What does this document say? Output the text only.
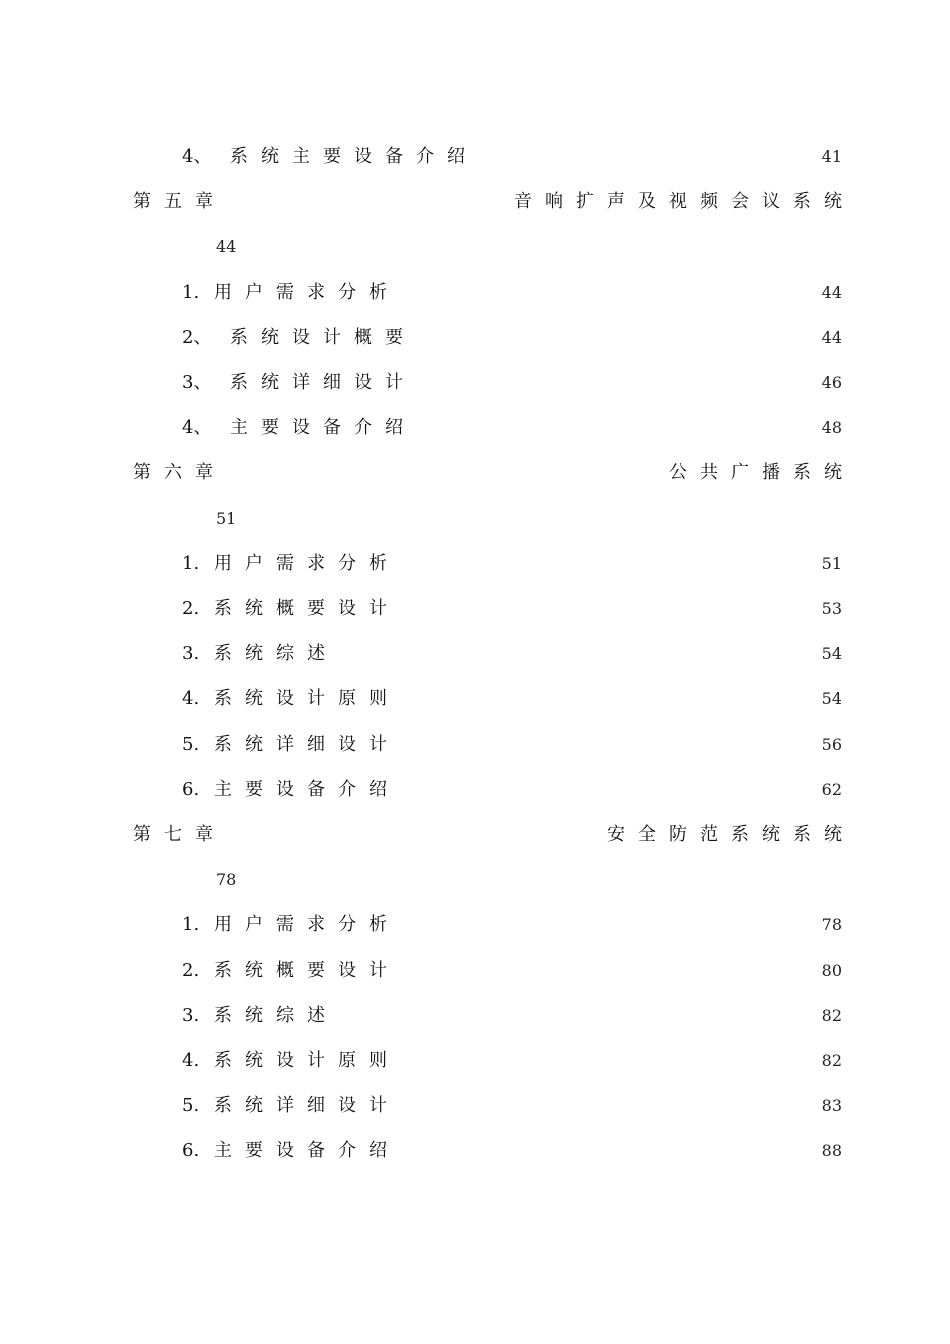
4、 系统主要设备介绍	41
第五章	音响扩声及视频会议系统
44
1. 用户需求分析	44
2、 系统设计概要	44
3、 系统详细设计	46
4、 主要设备介绍	48
第六章	公共广播系统
51
1. 用户需求分析	51
2. 系统概要设计	53
3. 系统综述	54
4. 系统设计原则	54
5. 系统详细设计	56
6. 主要设备介绍	62
第七章	安全防范系统系统
78
1. 用户需求分析	78
2. 系统概要设计	80
3. 系统综述	82
4. 系统设计原则	82
5. 系统详细设计	83
6. 主要设备介绍	88
